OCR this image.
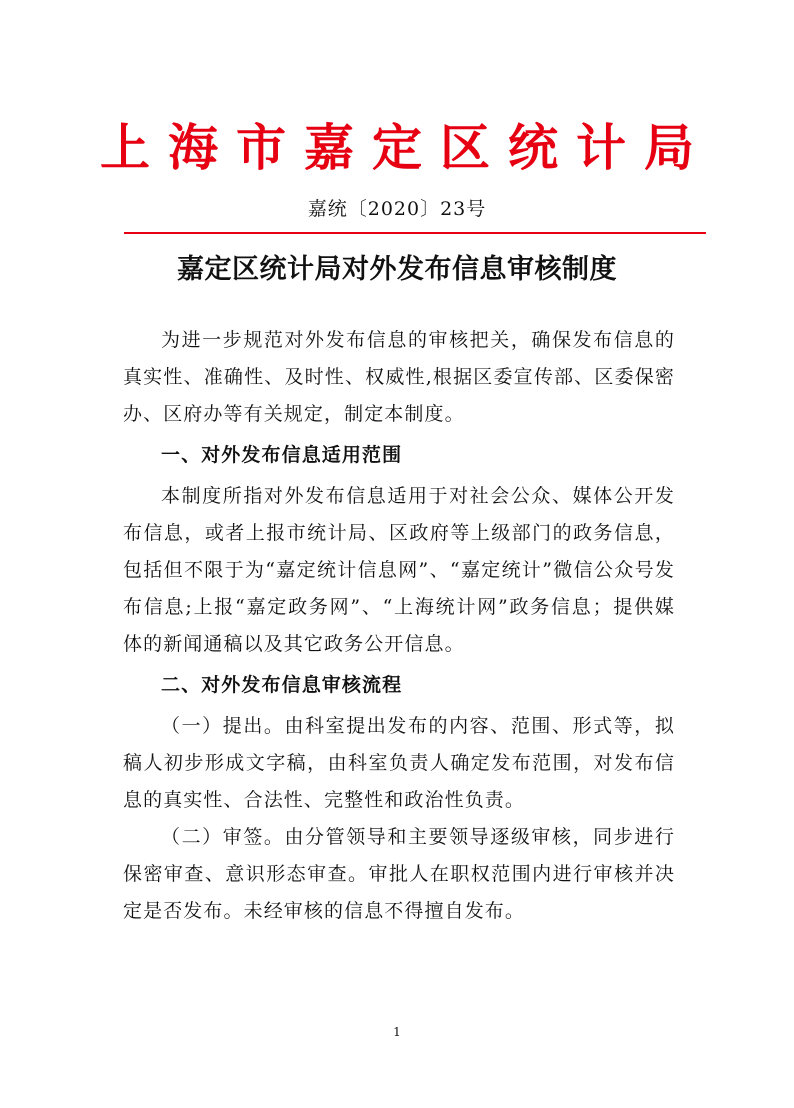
上海市嘉定区统计局
嘉统〔2020〕23号
嘉定区统计局对外发布信息审核制度

为进一步规范对外发布信息的审核把关，确保发布信息的真实性、准确性、及时性、权威性,根据区委宣传部、区委保密办、区府办等有关规定，制定本制度。

一、对外发布信息适用范围

本制度所指对外发布信息适用于对社会公众、媒体公开发布信息，或者上报市统计局、区政府等上级部门的政务信息，包括但不限于为“嘉定统计信息网”、“嘉定统计”微信公众号发布信息;上报“嘉定政务网”、“上海统计网”政务信息；提供媒体的新闻通稿以及其它政务公开信息。

二、对外发布信息审核流程

（一）提出。由科室提出发布的内容、范围、形式等，拟稿人初步形成文字稿，由科室负责人确定发布范围，对发布信息的真实性、合法性、完整性和政治性负责。

（二）审签。由分管领导和主要领导逐级审核，同步进行保密审查、意识形态审查。审批人在职权范围内进行审核并决定是否发布。未经审核的信息不得擅自发布。

1
